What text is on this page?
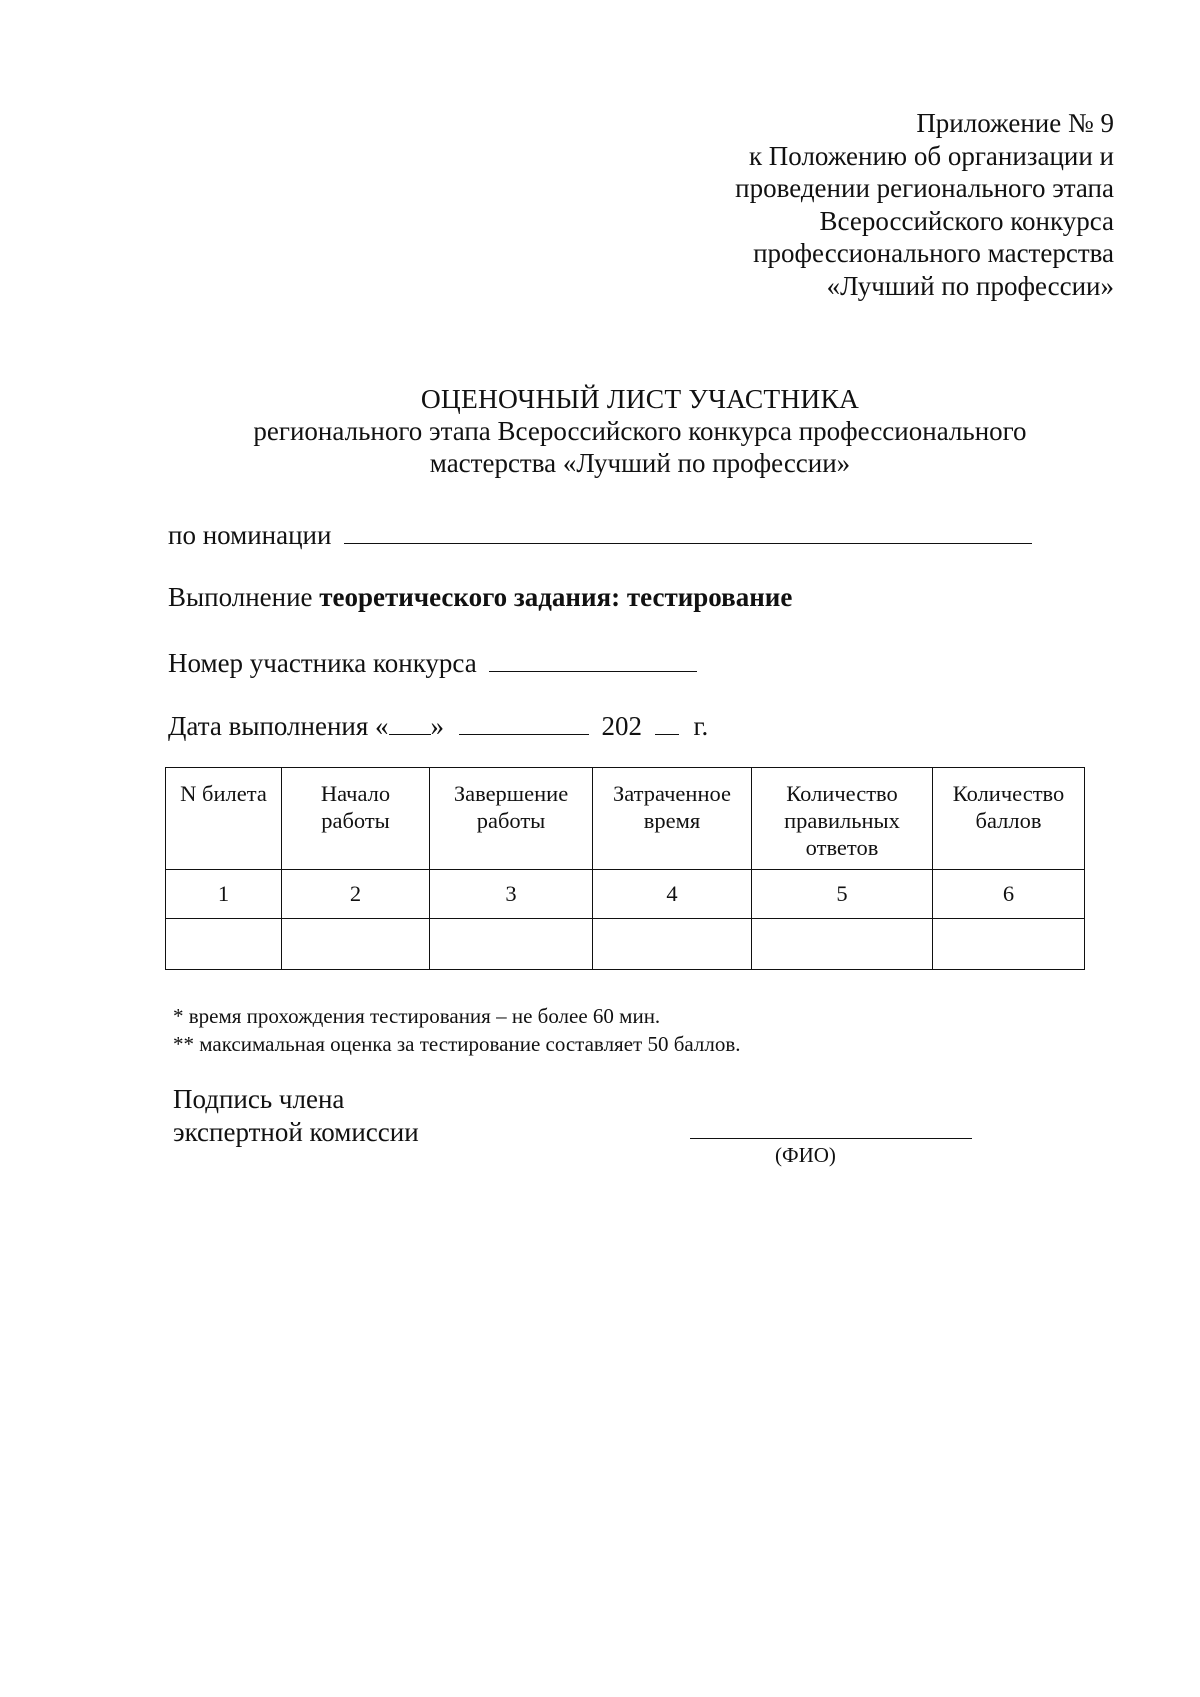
Приложение № 9
к Положению об организации и
проведении регионального этапа
Всероссийского конкурса
профессионального мастерства
«Лучший по профессии»
ОЦЕНОЧНЫЙ ЛИСТ УЧАСТНИКА
регионального этапа Всероссийского конкурса профессионального
мастерства «Лучший по профессии»
по номинации
Выполнение теоретического задания: тестирование
Номер участника конкурса
Дата выполнения « »	202 г.
N билета	Начало работы	Завершение работы	Затраченное время	Количество правильных ответов	Количество баллов
1	2	3	4	5	6

* время прохождения тестирования – не более 60 мин.
** максимальная оценка за тестирование составляет 50 баллов.
Подпись члена
экспертной комиссии
(ФИО)
